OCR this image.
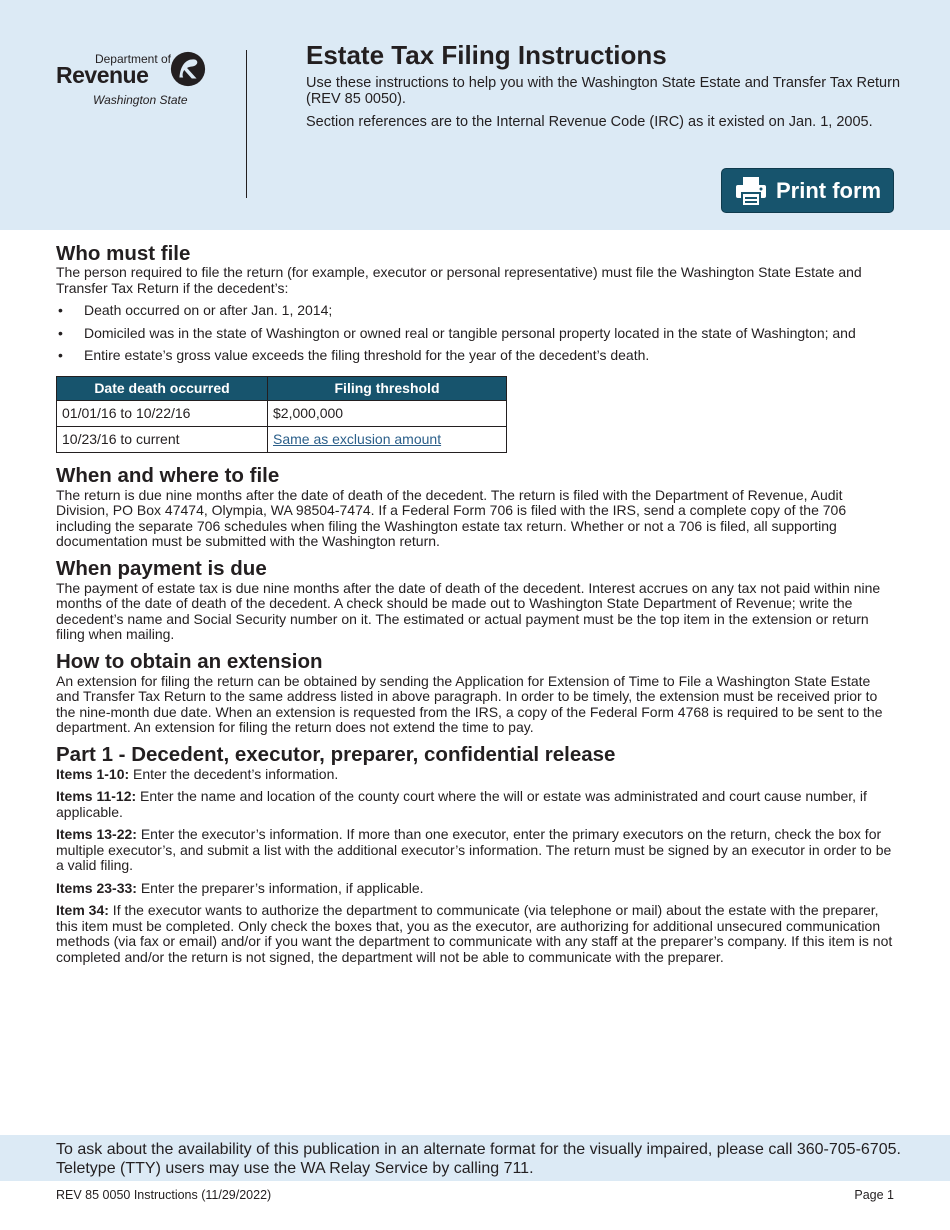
Department of
Revenue
Washington State
Estate Tax Filing Instructions

Use these instructions to help you with the Washington State Estate and Transfer Tax Return (REV 85 0050).

Section references are to the Internal Revenue Code (IRC) as it existed on Jan. 1, 2005.

Print form
Who must file

The person required to file the return (for example, executor or personal representative) must file the Washington State Estate and Transfer Tax Return if the decedent’s:

• Death occurred on or after Jan. 1, 2014;
• Domiciled was in the state of Washington or owned real or tangible personal property located in the state of Washington; and
• Entire estate’s gross value exceeds the filing threshold for the year of the decedent’s death.
Date death occurred	Filing threshold
01/01/16 to 10/22/16	$2,000,000
10/23/16 to current	Same as exclusion amount
When and where to file

The return is due nine months after the date of death of the decedent. The return is filed with the Department of Revenue, Audit Division, PO Box 47474, Olympia, WA 98504-7474. If a Federal Form 706 is filed with the IRS, send a complete copy of the 706 including the separate 706 schedules when filing the Washington estate tax return. Whether or not a 706 is filed, all supporting documentation must be submitted with the Washington return.

When payment is due

The payment of estate tax is due nine months after the date of death of the decedent. Interest accrues on any tax not paid within nine months of the date of death of the decedent. A check should be made out to Washington State Department of Revenue; write the decedent’s name and Social Security number on it. The estimated or actual payment must be the top item in the extension or return filing when mailing.

How to obtain an extension

An extension for filing the return can be obtained by sending the Application for Extension of Time to File a Washington State Estate and Transfer Tax Return to the same address listed in above paragraph. In order to be timely, the extension must be received prior to the nine-month due date. When an extension is requested from the IRS, a copy of the Federal Form 4768 is required to be sent to the department. An extension for filing the return does not extend the time to pay.

Part 1 - Decedent, executor, preparer, confidential release

Items 1-10: Enter the decedent’s information.

Items 11-12: Enter the name and location of the county court where the will or estate was administrated and court cause number, if applicable.

Items 13-22: Enter the executor’s information. If more than one executor, enter the primary executors on the return, check the box for multiple executor’s, and submit a list with the additional executor’s information. The return must be signed by an executor in order to be a valid filing.

Items 23-33: Enter the preparer’s information, if applicable.

Item 34: If the executor wants to authorize the department to communicate (via telephone or mail) about the estate with the preparer, this item must be completed. Only check the boxes that, you as the executor, are authorizing for additional unsecured communication methods (via fax or email) and/or if you want the department to communicate with any staff at the preparer’s company. If this item is not completed and/or the return is not signed, the department will not be able to communicate with the preparer.

To ask about the availability of this publication in an alternate format for the visually impaired, please call 360-705-6705. Teletype (TTY) users may use the WA Relay Service by calling 711.

REV 85 0050 Instructions (11/29/2022)	Page 1
